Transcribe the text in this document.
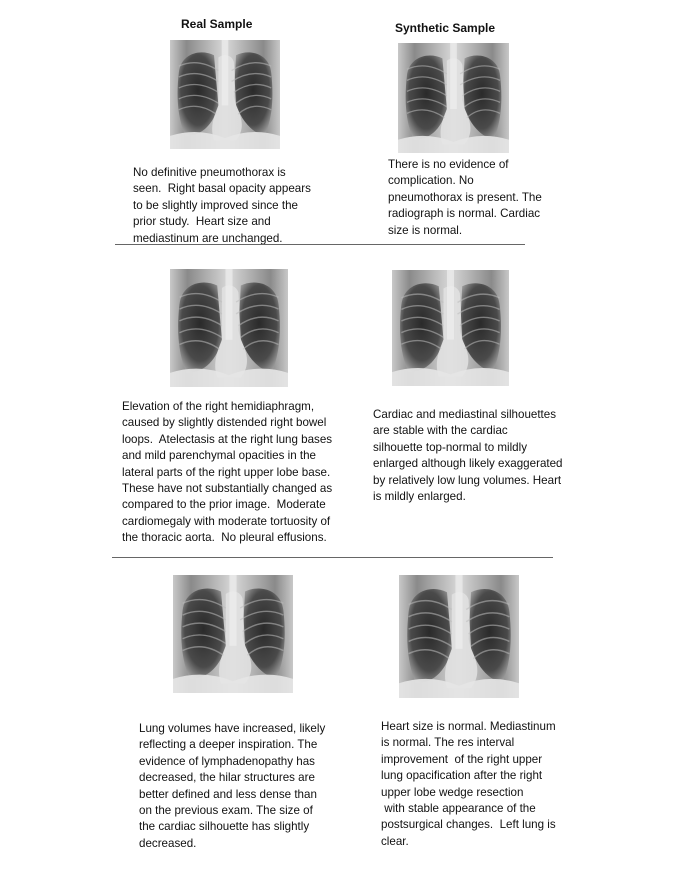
Real Sample	Synthetic Sample

No definitive pneumothorax is
seen.  Right basal opacity appears
to be slightly improved since the
prior study.  Heart size and
mediastinum are unchanged.

There is no evidence of
complication. No
pneumothorax is present. The
radiograph is normal. Cardiac
size is normal.

Elevation of the right hemidiaphragm,
caused by slightly distended right bowel
loops.  Atelectasis at the right lung bases
and mild parenchymal opacities in the
lateral parts of the right upper lobe base.
These have not substantially changed as
compared to the prior image.  Moderate
cardiomegaly with moderate tortuosity of
the thoracic aorta.  No pleural effusions.

Cardiac and mediastinal silhouettes
are stable with the cardiac
silhouette top-normal to mildly
enlarged although likely exaggerated
by relatively low lung volumes. Heart
is mildly enlarged.

Lung volumes have increased, likely
reflecting a deeper inspiration. The
evidence of lymphadenopathy has
decreased, the hilar structures are
better defined and less dense than
on the previous exam. The size of
the cardiac silhouette has slightly
decreased.

Heart size is normal. Mediastinum
is normal. The res interval
improvement  of the right upper
lung opacification after the right
upper lobe wedge resection
with stable appearance of the
postsurgical changes.  Left lung is
clear.
